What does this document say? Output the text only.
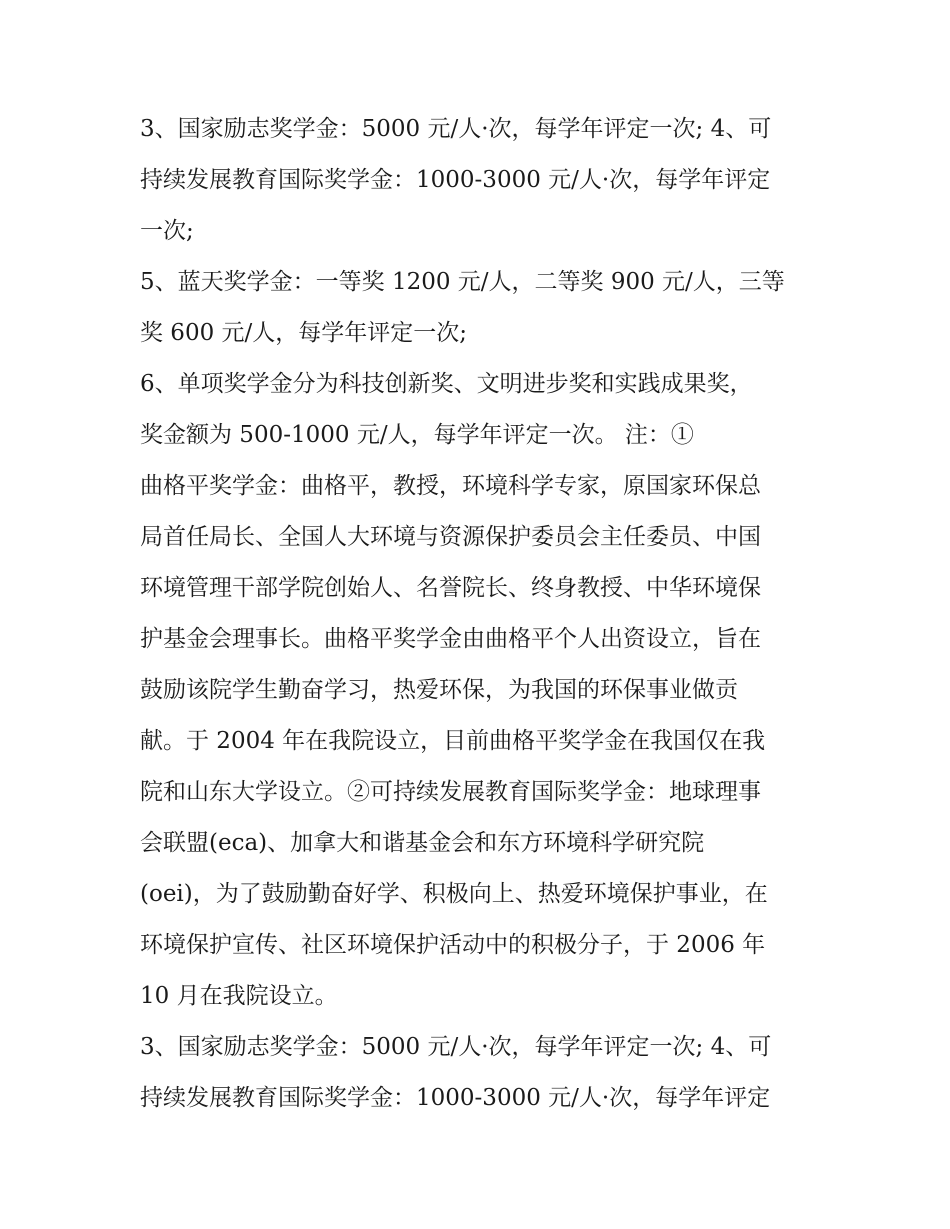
3、国家励志奖学金：5000 元/人·次，每学年评定一次; 4、可
持续发展教育国际奖学金：1000-3000 元/人·次，每学年评定
一次;
5、蓝天奖学金：一等奖 1200 元/人，二等奖 900 元/人，三等
奖 600 元/人，每学年评定一次;
6、单项奖学金分为科技创新奖、文明进步奖和实践成果奖，
奖金额为 500-1000 元/人，每学年评定一次。 注：①
曲格平奖学金：曲格平，教授，环境科学专家，原国家环保总
局首任局长、全国人大环境与资源保护委员会主任委员、中国
环境管理干部学院创始人、名誉院长、终身教授、中华环境保
护基金会理事长。曲格平奖学金由曲格平个人出资设立，旨在
鼓励该院学生勤奋学习，热爱环保，为我国的环保事业做贡
献。于 2004 年在我院设立，目前曲格平奖学金在我国仅在我
院和山东大学设立。②可持续发展教育国际奖学金：地球理事
会联盟(eca)、加拿大和谐基金会和东方环境科学研究院
(oei)，为了鼓励勤奋好学、积极向上、热爱环境保护事业，在
环境保护宣传、社区环境保护活动中的积极分子，于 2006 年
10 月在我院设立。
3、国家励志奖学金：5000 元/人·次，每学年评定一次; 4、可
持续发展教育国际奖学金：1000-3000 元/人·次，每学年评定
